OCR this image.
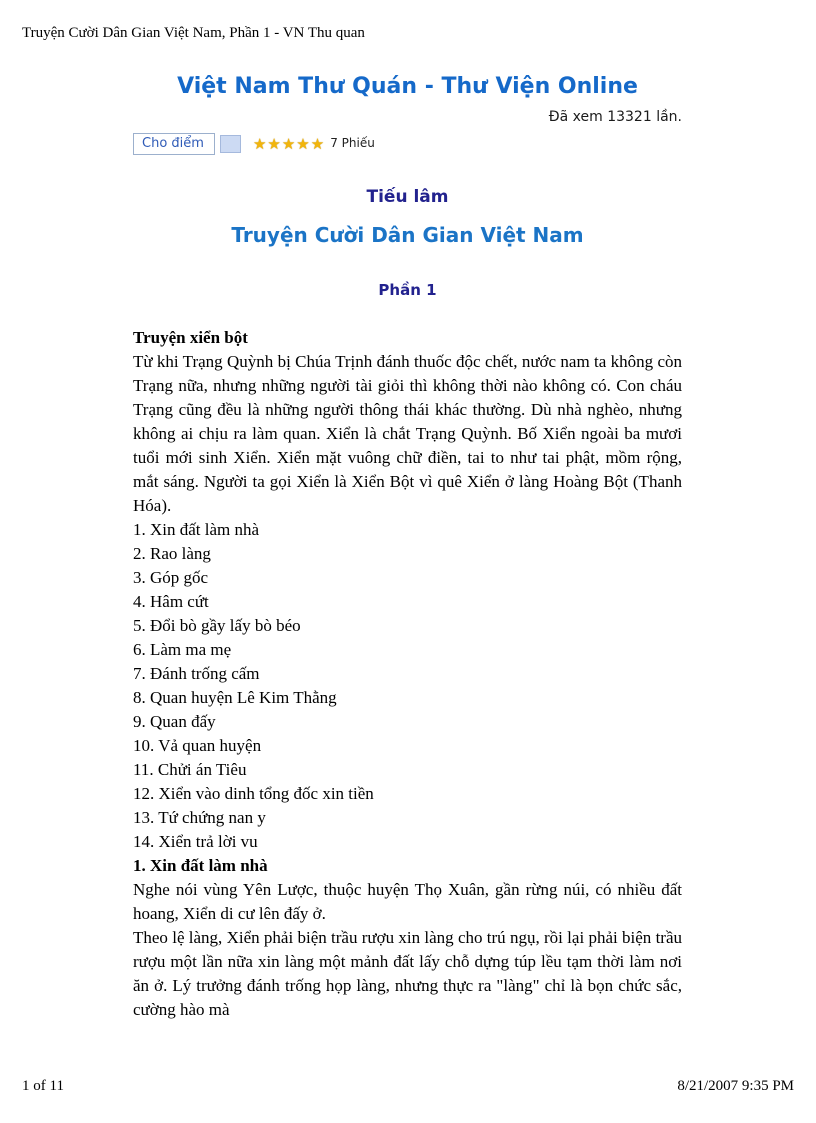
Truyện Cười Dân Gian Việt Nam, Phần 1 - VN Thu quan
Việt Nam Thư Quán - Thư Viện Online
Đã xem 13321 lần.
Cho điểm	★ ★ ★ ★ ★ 7 Phiếu
Tiếu lâm
Truyện Cười Dân Gian Việt Nam
Phần 1
Truyện xiển bột
Từ khi Trạng Quỳnh bị Chúa Trịnh đánh thuốc độc chết, nước nam ta không còn Trạng nữa, nhưng những người tài giỏi thì không thời nào không có. Con cháu Trạng cũng đều là những người thông thái khác thường. Dù nhà nghèo, nhưng không ai chịu ra làm quan. Xiển là chắt Trạng Quỳnh. Bố Xiển ngoài ba mươi tuổi mới sinh Xiển. Xiển mặt vuông chữ điền, tai to như tai phật, mồm rộng, mắt sáng. Người ta gọi Xiển là Xiển Bột vì quê Xiển ở làng Hoàng Bột (Thanh Hóa).
1. Xin đất làm nhà
2. Rao làng
3. Góp gốc
4. Hâm cứt
5. Đổi bò gầy lấy bò béo
6. Làm ma mẹ
7. Đánh trống cấm
8. Quan huyện Lê Kim Thằng
9. Quan đấy
10. Vả quan huyện
11. Chửi án Tiêu
12. Xiển vào dinh tổng đốc xin tiền
13. Tứ chứng nan y
14. Xiển trả lời vu
1. Xin đất làm nhà
Nghe nói vùng Yên Lược, thuộc huyện Thọ Xuân, gần rừng núi, có nhiều đất hoang, Xiển di cư lên đấy ở.
Theo lệ làng, Xiển phải biện trầu rượu xin làng cho trú ngụ, rồi lại phải biện trầu rượu một lần nữa xin làng một mảnh đất lấy chỗ dựng túp lều tạm thời làm nơi ăn ở. Lý trưởng đánh trống họp làng, nhưng thực ra "làng" chỉ là bọn chức sắc, cường hào mà
1 of 11	8/21/2007 9:35 PM
